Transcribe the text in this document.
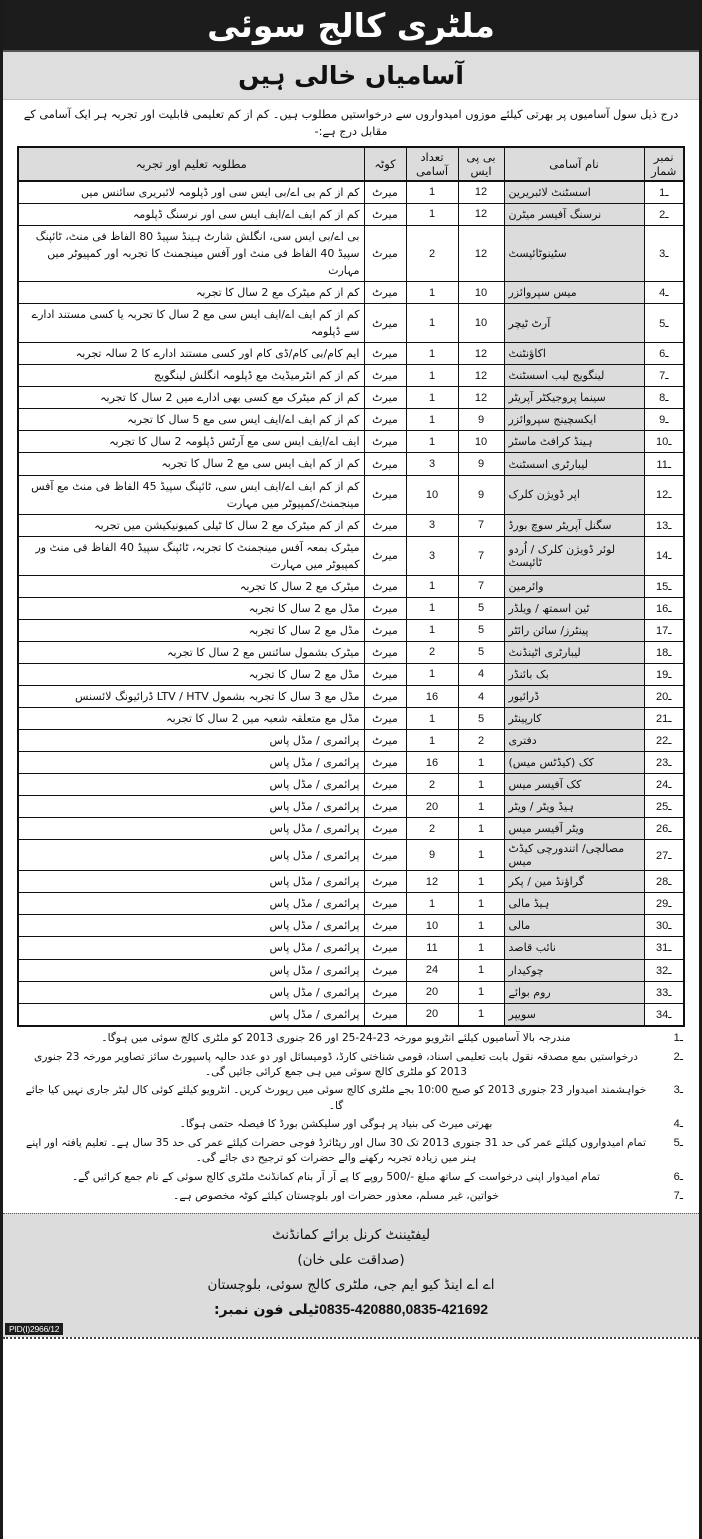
ملٹری کالج سوئی
آسامیاں خالی ہیں
درج ذیل سول آسامیوں پر بھرتی کیلئے موزوں امیدواروں سے درخواستیں مطلوب ہیں۔ کم از کم تعلیمی قابلیت اور تجربہ ہر ایک آسامی کے مقابل درج ہے:-
نمبر شمار	نام آسامی	بی پی ایس	تعداد آسامی	کوٹہ	مطلوبہ تعلیم اور تجربہ
1ـ	اسسٹنٹ لائبریرین	12	1	میرٹ	کم از کم بی اے/بی ایس سی اور ڈپلومہ لائبریری سائنس میں
2ـ	نرسنگ آفیسر میٹرن	12	1	میرٹ	کم از کم ایف اے/ایف ایس سی اور نرسنگ ڈپلومہ
3ـ	سٹینوٹائپسٹ	12	2	میرٹ	بی اے/بی ایس سی، انگلش شارٹ ہینڈ سپیڈ 80 الفاظ فی منٹ، ٹائپنگ سپیڈ 40 الفاظ فی منٹ اور آفس مینجمنٹ کا تجربہ اور کمپیوٹر میں مہارت
4ـ	میس سپروائزر	10	1	میرٹ	کم از کم میٹرک مع 2 سال کا تجربہ
5ـ	آرٹ ٹیچر	10	1	میرٹ	کم از کم ایف اے/ایف ایس سی مع 2 سال کا تجربہ یا کسی مستند ادارے سے ڈپلومہ
6ـ	اکاؤنٹنٹ	12	1	میرٹ	ایم کام/بی کام/ڈی کام اور کسی مستند ادارے کا 2 سالہ تجربہ
7ـ	لینگویج لیب اسسٹنٹ	12	1	میرٹ	کم از کم انٹرمیڈیٹ مع ڈپلومہ انگلش لینگویج
8ـ	سینما پروجیکٹر آپریٹر	12	1	میرٹ	کم از کم میٹرک مع کسی بھی ادارے میں 2 سال کا تجربہ
9ـ	ایکسچینج سپروائزر	9	1	میرٹ	کم از کم ایف اے/ایف ایس سی مع 5 سال کا تجربہ
10ـ	ہینڈ کرافٹ ماسٹر	10	1	میرٹ	ایف اے/ایف ایس سی مع آرٹس ڈپلومہ 2 سال کا تجربہ
11ـ	لیبارٹری اسسٹنٹ	9	3	میرٹ	کم از کم ایف ایس سی مع 2 سال کا تجربہ
12ـ	اپر ڈویژن کلرک	9	10	میرٹ	کم از کم ایف اے/ایف ایس سی، ٹائپنگ سپیڈ 45 الفاظ فی منٹ مع آفس مینجمنٹ/کمپیوٹر میں مہارت
13ـ	سگنل آپریٹر سوچ بورڈ	7	3	میرٹ	کم از کم میٹرک مع 2 سال کا ٹیلی کمیونیکیشن میں تجربہ
14ـ	لوئر ڈویژن کلرک / اُردو ٹائپسٹ	7	3	میرٹ	میٹرک بمعہ آفس مینجمنٹ کا تجربہ، ٹائپنگ سپیڈ 40 الفاظ فی منٹ ور کمپیوٹر میں مہارت
15ـ	وائرمین	7	1	میرٹ	میٹرک مع 2 سال کا تجربہ
16ـ	ٹین اسمتھ / ویلڈر	5	1	میرٹ	مڈل مع 2 سال کا تجربہ
17ـ	پینٹرز/ سائن رائٹر	5	1	میرٹ	مڈل مع 2 سال کا تجربہ
18ـ	لیبارٹری اٹینڈنٹ	5	2	میرٹ	میٹرک بشمول سائنس مع 2 سال کا تجربہ
19ـ	بک بائنڈر	4	1	میرٹ	مڈل مع 2 سال کا تجربہ
20ـ	ڈرائیور	4	16	میرٹ	مڈل مع 3 سال کا تجربہ بشمول LTV / HTV ڈرائیونگ لائسنس
21ـ	کارپینٹر	5	1	میرٹ	مڈل مع متعلقہ شعبہ میں 2 سال کا تجربہ
22ـ	دفتری	2	1	میرٹ	پرائمری / مڈل پاس
23ـ	کک (کیڈٹس میس)	1	16	میرٹ	پرائمری / مڈل پاس
24ـ	کک آفیسر میس	1	2	میرٹ	پرائمری / مڈل پاس
25ـ	ہیڈ ویٹر / ویٹر	1	20	میرٹ	پرائمری / مڈل پاس
26ـ	ویٹر آفیسر میس	1	2	میرٹ	پرائمری / مڈل پاس
27ـ	مصالچی/ اتندورچی کیڈٹ میس	1	9	میرٹ	پرائمری / مڈل پاس
28ـ	گراؤنڈ مین / پکر	1	12	میرٹ	پرائمری / مڈل پاس
29ـ	ہیڈ مالی	1	1	میرٹ	پرائمری / مڈل پاس
30ـ	مالی	1	10	میرٹ	پرائمری / مڈل پاس
31ـ	نائب قاصد	1	11	میرٹ	پرائمری / مڈل پاس
32ـ	چوکیدار	1	24	میرٹ	پرائمری / مڈل پاس
33ـ	روم بوائے	1	20	میرٹ	پرائمری / مڈل پاس
34ـ	سویپر	1	20	میرٹ	پرائمری / مڈل پاس
1ـ
مندرجہ بالا آسامیوں کیلئے انٹرویو مورخہ 23-24-25 اور 26 جنوری 2013 کو ملٹری کالج سوئی میں ہوگا۔
2ـ
درخواستیں بمع مصدقہ نقول بابت تعلیمی اسناد، قومی شناختی کارڈ، ڈومیسائل اور دو عدد حالیہ پاسپورٹ سائز تصاویر مورخہ 23 جنوری 2013 کو ملٹری کالج سوئی میں ہی جمع کرائی جائیں گی۔
3ـ
خواہشمند امیدوار 23 جنوری 2013 کو صبح 10:00 بجے ملٹری کالج سوئی میں رپورٹ کریں۔ انٹرویو کیلئے کوئی کال لیٹر جاری نہیں کیا جائے گا۔
4ـ
بھرتی میرٹ کی بنیاد پر ہوگی اور سلیکشن بورڈ کا فیصلہ حتمی ہوگا۔
5ـ
تمام امیدواروں کیلئے عمر کی حد 31 جنوری 2013 تک 30 سال اور ریٹائرڈ فوجی حضرات کیلئے عمر کی حد 35 سال ہے۔ تعلیم یافتہ اور اپنے ہنر میں زیادہ تجربہ رکھنے والے حضرات کو ترجیح دی جائے گی۔
6ـ
تمام امیدوار اپنی درخواست کے ساتھ مبلغ -/500 روپے کا پے آر آر بنام کمانڈنٹ ملٹری کالج سوئی کے نام جمع کرائیں گے۔
7ـ
خواتین، غیر مسلم، معذور حضرات اور بلوچستان کیلئے کوٹہ مخصوص ہے۔
لیفٹیننٹ کرنل برائے کمانڈنٹ
(صداقت علی خان)
اے اے اینڈ کیو ایم جی، ملٹری کالج سوئی، بلوچستان
0835-420880,0835-421692ٹیلی فون نمبر:
PID(I)2966/12
